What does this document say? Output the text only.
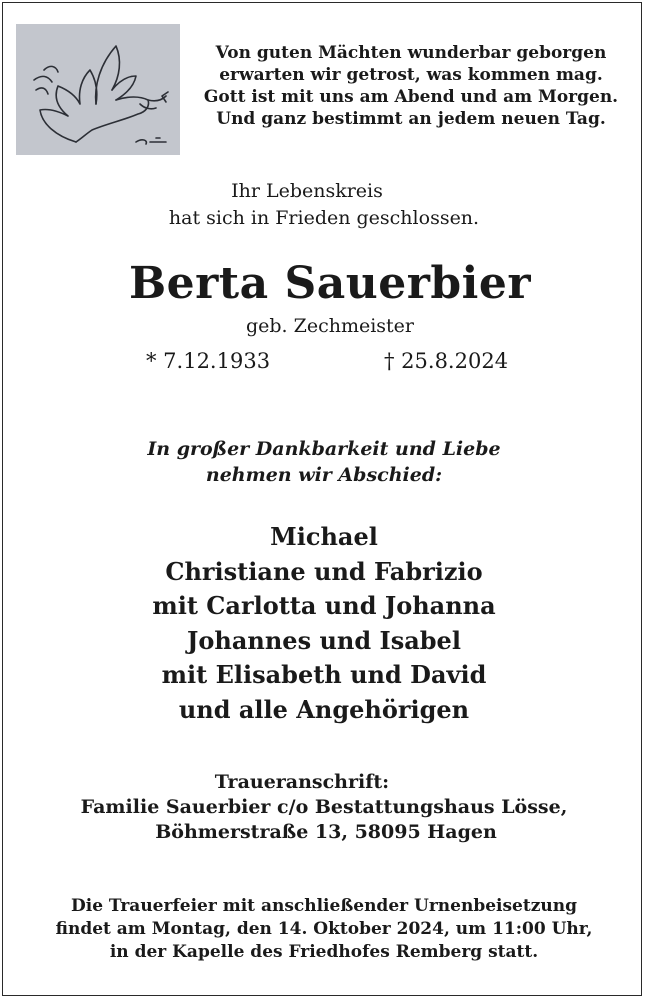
Von guten Mächten wunderbar geborgen
erwarten wir getrost, was kommen mag.
Gott ist mit uns am Abend und am Morgen.
Und ganz bestimmt an jedem neuen Tag.
Ihr Lebenskreis
hat sich in Frieden geschlossen.
Berta Sauerbier
geb. Zechmeister
* 7.12.1933	† 25.8.2024
In großer Dankbarkeit und Liebe
nehmen wir Abschied:
Michael
Christiane und Fabrizio
mit Carlotta und Johanna
Johannes und Isabel
mit Elisabeth und David
und alle Angehörigen
Traueranschrift:
Familie Sauerbier c/o Bestattungshaus Lösse,
Böhmerstraße 13, 58095 Hagen
Die Trauerfeier mit anschließender Urnenbeisetzung
findet am Montag, den 14. Oktober 2024, um 11:00 Uhr,
in der Kapelle des Friedhofes Remberg statt.
